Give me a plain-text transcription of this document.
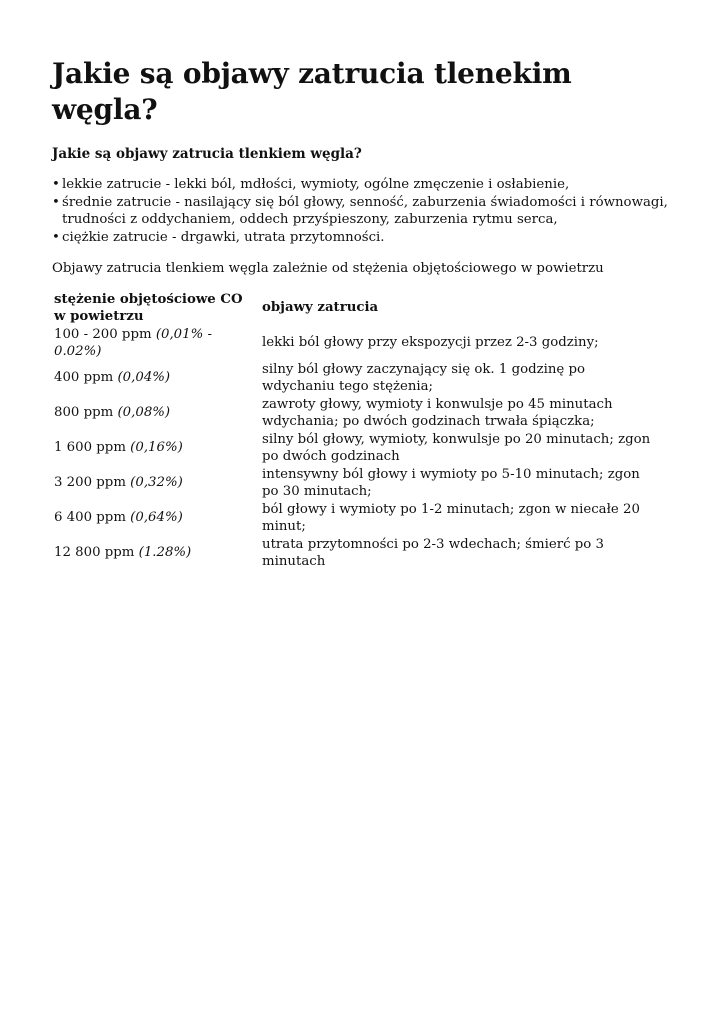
Jakie są objawy zatrucia tlenekim węgla?
Jakie są objawy zatrucia tlenkiem węgla?
• lekkie zatrucie - lekki ból, mdłości, wymioty, ogólne zmęczenie i osłabienie,
• średnie zatrucie - nasilający się ból głowy, senność, zaburzenia świadomości i równowagi, trudności z oddychaniem, oddech przyśpieszony, zaburzenia rytmu serca,
• ciężkie zatrucie - drgawki, utrata przytomności.

Objawy zatrucia tlenkiem węgla zależnie od stężenia objętościowego w powietrzu

stężenie objętościowe CO w powietrzu	objawy zatrucia
100 - 200 ppm (0,01% - 0.02%)	lekki ból głowy przy ekspozycji przez 2-3 godziny;
400 ppm (0,04%)	silny ból głowy zaczynający się ok. 1 godzinę po wdychaniu tego stężenia;
800 ppm (0,08%)	zawroty głowy, wymioty i konwulsje po 45 minutach wdychania; po dwóch godzinach trwała śpiączka;
1 600 ppm (0,16%)	silny ból głowy, wymioty, konwulsje po 20 minutach; zgon po dwóch godzinach
3 200 ppm (0,32%)	intensywny ból głowy i wymioty po 5-10 minutach; zgon po 30 minutach;
6 400 ppm (0,64%)	ból głowy i wymioty po 1-2 minutach; zgon w niecałe 20 minut;
12 800 ppm (1.28%)	utrata przytomności po 2-3 wdechach; śmierć po 3 minutach
